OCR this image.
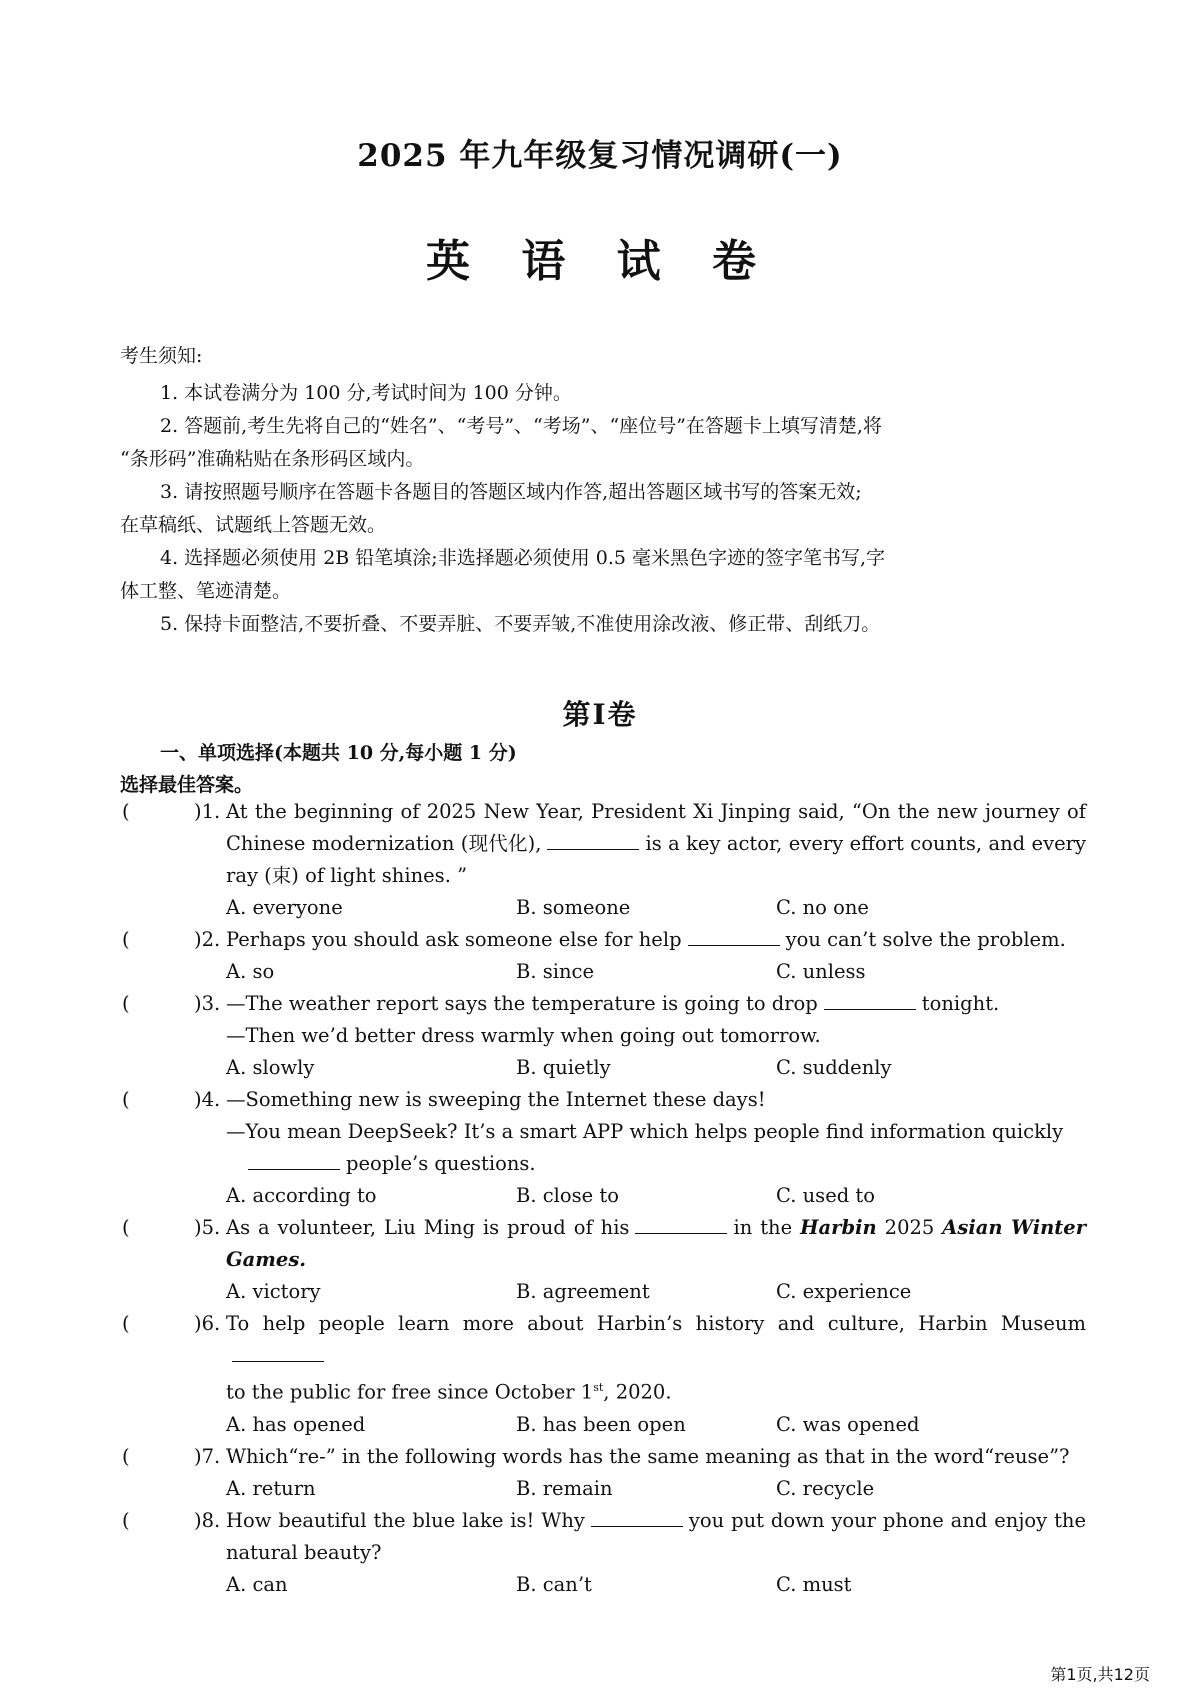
2025 年九年级复习情况调研(一)
英 语 试 卷

考生须知:

1. 本试卷满分为 100 分,考试时间为 100 分钟。

2. 答题前,考生先将自己的“姓名”、“考号”、“考场”、“座位号”在答题卡上填写清楚,将

“条形码”准确粘贴在条形码区域内。

3. 请按照题号顺序在答题卡各题目的答题区域内作答,超出答题区域书写的答案无效;

在草稿纸、试题纸上答题无效。

4. 选择题必须使用 2B 铅笔填涂;非选择题必须使用 0.5 毫米黑色字迹的签字笔书写,字

体工整、笔迹清楚。

5. 保持卡面整洁,不要折叠、不要弄脏、不要弄皱,不准使用涂改液、修正带、刮纸刀。

第Ⅰ卷
一、单项选择(本题共 10 分,每小题 1 分)
选择最佳答案。
(	)1. At the beginning of 2025 New Year, President Xi Jinping said, “On the new journey of Chinese modernization (现代化),	is a key actor, every effort counts, and every ray (束) of light shines. ”
A. everyone	B. someone	C. no one
(	)2. Perhaps you should ask someone else for help	you can’t solve the problem.
A. so	B. since	C. unless
(	)3. —The weather report says the temperature is going to drop	tonight.
—Then we’d better dress warmly when going out tomorrow.
A. slowly	B. quietly	C. suddenly
(	)4. —Something new is sweeping the Internet these days!
—You mean DeepSeek? It’s a smart APP which helps people find information quickly
people’s questions.
A. according to	B. close to	C. used to
(	)5. As a volunteer, Liu Ming is proud of his	in the Harbin 2025 Asian Winter Games.
A. victory	B. agreement	C. experience
(	)6. To help people learn more about Harbin’s history and culture, Harbin Museum
to the public for free since October 1st, 2020.
A. has opened	B. has been open	C. was opened
(	)7. Which“re-” in the following words has the same meaning as that in the word“reuse”?
A. return	B. remain	C. recycle
(	)8. How beautiful the blue lake is! Why	you put down your phone and enjoy the natural beauty?
A. can	B. can’t	C. must
第1页,共12页
